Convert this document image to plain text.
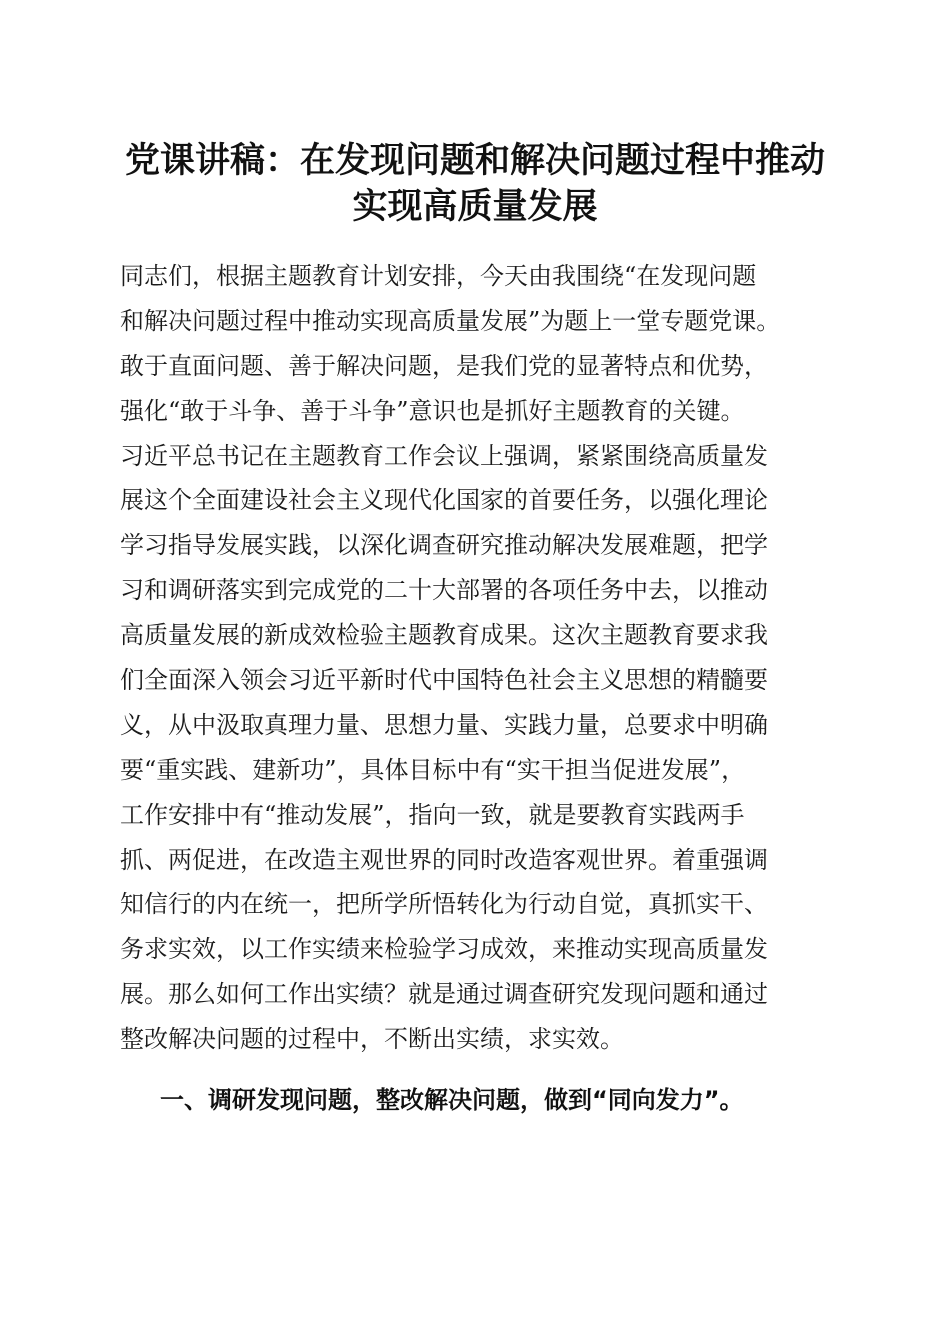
党课讲稿：在发现问题和解决问题过程中推动
实现高质量发展
同志们，根据主题教育计划安排，今天由我围绕“在发现问题
和解决问题过程中推动实现高质量发展”为题上一堂专题党课。
敢于直面问题、善于解决问题，是我们党的显著特点和优势，
强化“敢于斗争、善于斗争”意识也是抓好主题教育的关键。
习近平总书记在主题教育工作会议上强调，紧紧围绕高质量发
展这个全面建设社会主义现代化国家的首要任务，以强化理论
学习指导发展实践，以深化调查研究推动解决发展难题，把学
习和调研落实到完成党的二十大部署的各项任务中去，以推动
高质量发展的新成效检验主题教育成果。这次主题教育要求我
们全面深入领会习近平新时代中国特色社会主义思想的精髓要
义，从中汲取真理力量、思想力量、实践力量，总要求中明确
要“重实践、建新功”，具体目标中有“实干担当促进发展”，
工作安排中有“推动发展”，指向一致，就是要教育实践两手
抓、两促进，在改造主观世界的同时改造客观世界。着重强调
知信行的内在统一，把所学所悟转化为行动自觉，真抓实干、
务求实效，以工作实绩来检验学习成效，来推动实现高质量发
展。那么如何工作出实绩？就是通过调查研究发现问题和通过
整改解决问题的过程中，不断出实绩，求实效。
一、调研发现问题，整改解决问题，做到“同向发力”。
